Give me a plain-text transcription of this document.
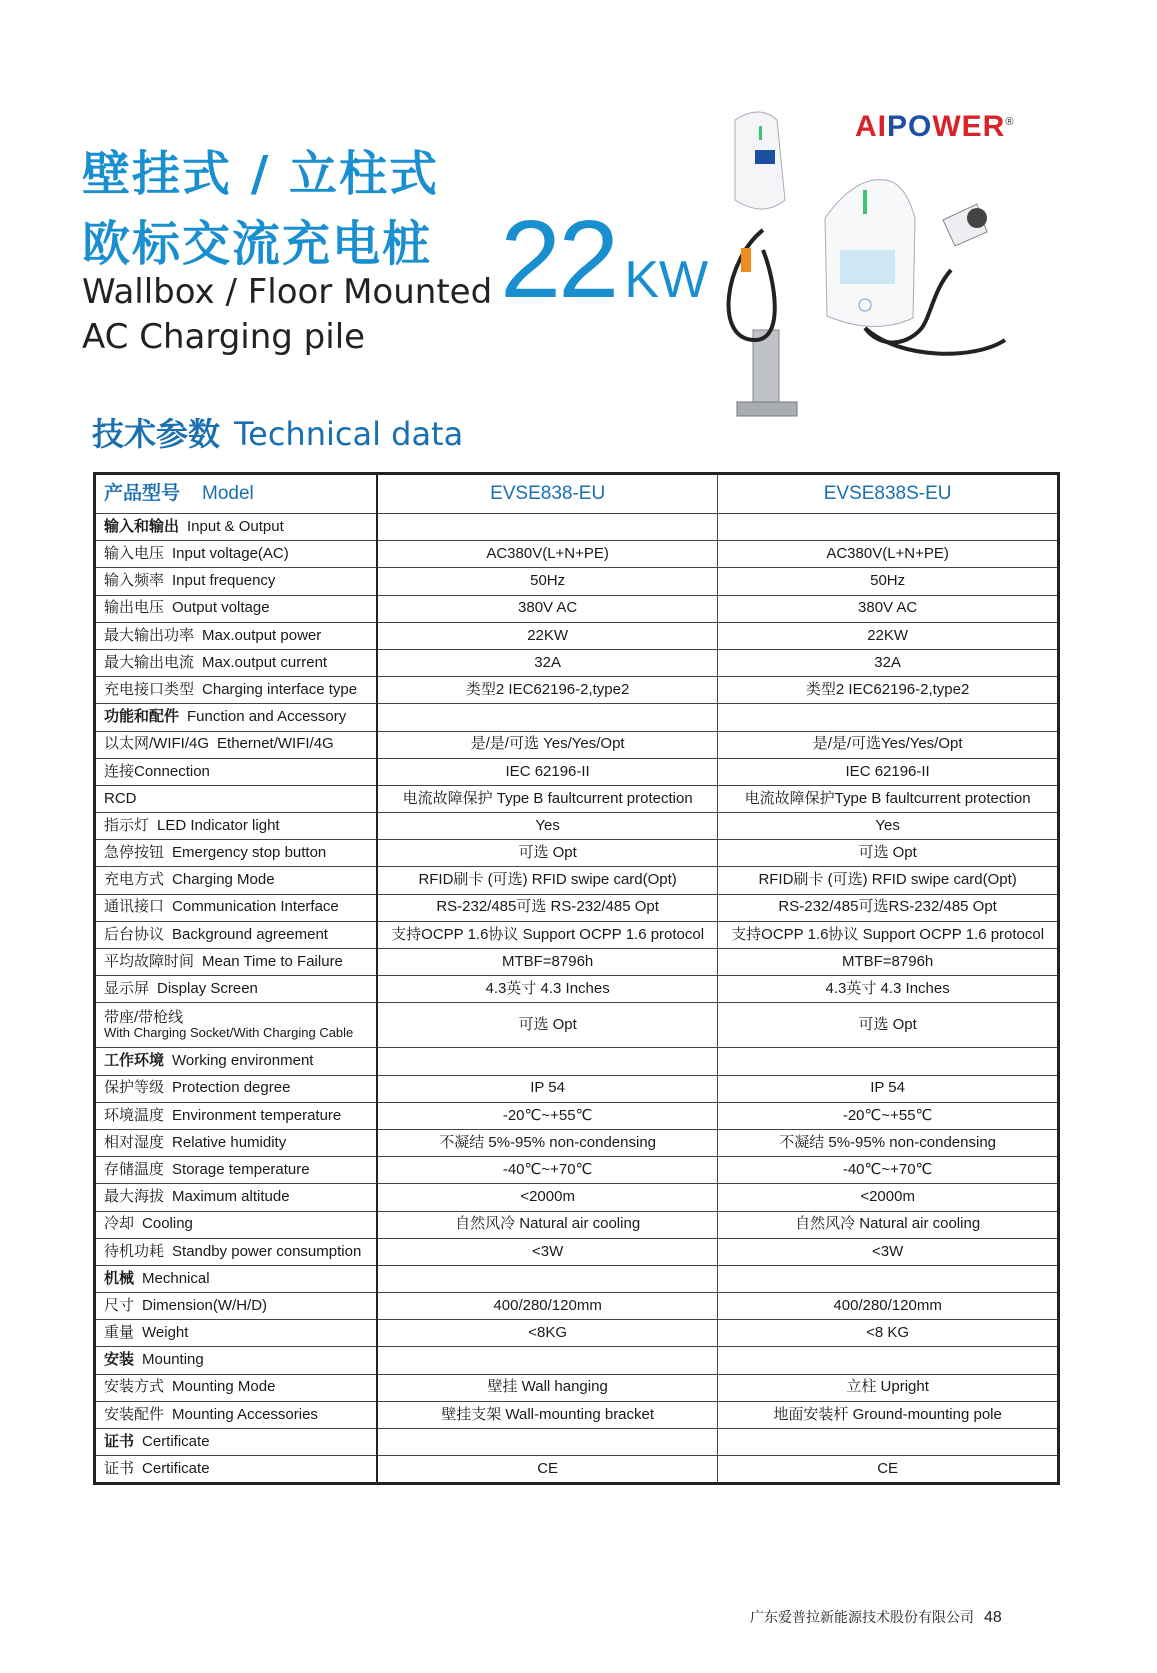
壁挂式 / 立柱式
欧标交流充电桩
Wallbox / Floor Mounted
AC Charging pile
22 KW
AIPOWER®
技术参数 Technical data
产品型号 Model	EVSE838-EU	EVSE838S-EU
输入和输出 Input & Output		
输入电压 Input voltage(AC)	AC380V(L+N+PE)	AC380V(L+N+PE)
输入频率 Input frequency	50Hz	50Hz
输出电压 Output voltage	380V AC	380V AC
最大输出功率 Max.output power	22KW	22KW
最大输出电流 Max.output current	32A	32A
充电接口类型 Charging interface type	类型2 IEC62196-2,type2	类型2 IEC62196-2,type2
功能和配件 Function and Accessory		
以太网/WIFI/4G Ethernet/WIFI/4G	是/是/可选 Yes/Yes/Opt	是/是/可选Yes/Yes/Opt
连接Connection	IEC 62196-II	IEC 62196-II
RCD	电流故障保护 Type B faultcurrent protection	电流故障保护Type B faultcurrent protection
指示灯 LED Indicator light	Yes	Yes
急停按钮 Emergency stop button	可选 Opt	可选 Opt
充电方式 Charging Mode	RFID刷卡 (可选) RFID swipe card(Opt)	RFID刷卡 (可选) RFID swipe card(Opt)
通讯接口 Communication Interface	RS-232/485可选 RS-232/485 Opt	RS-232/485可选RS-232/485 Opt
后台协议 Background agreement	支持OCPP 1.6协议 Support OCPP 1.6 protocol	支持OCPP 1.6协议 Support OCPP 1.6 protocol
平均故障时间 Mean Time to Failure	MTBF=8796h	MTBF=8796h
显示屏 Display Screen	4.3英寸 4.3 Inches	4.3英寸 4.3 Inches
带座/带枪线
With Charging Socket/With Charging Cable	可选 Opt	可选 Opt
工作环境 Working environment		
保护等级 Protection degree	IP 54	IP 54
环境温度 Environment temperature	-20℃~+55℃	-20℃~+55℃
相对湿度 Relative humidity	不凝结 5%-95% non-condensing	不凝结 5%-95% non-condensing
存储温度 Storage temperature	-40℃~+70℃	-40℃~+70℃
最大海拔 Maximum altitude	<2000m	<2000m
冷却 Cooling	自然风冷 Natural air cooling	自然风冷 Natural air cooling
待机功耗 Standby power consumption	<3W	<3W
机械 Mechnical		
尺寸 Dimension(W/H/D)	400/280/120mm	400/280/120mm
重量 Weight	<8KG	<8 KG
安装 Mounting		
安装方式 Mounting Mode	壁挂 Wall hanging	立柱 Upright
安装配件 Mounting Accessories	壁挂支架 Wall-mounting bracket	地面安装杆 Ground-mounting pole
证书 Certificate		
证书 Certificate	CE	CE
广东爱普拉新能源技术股份有限公司 48
